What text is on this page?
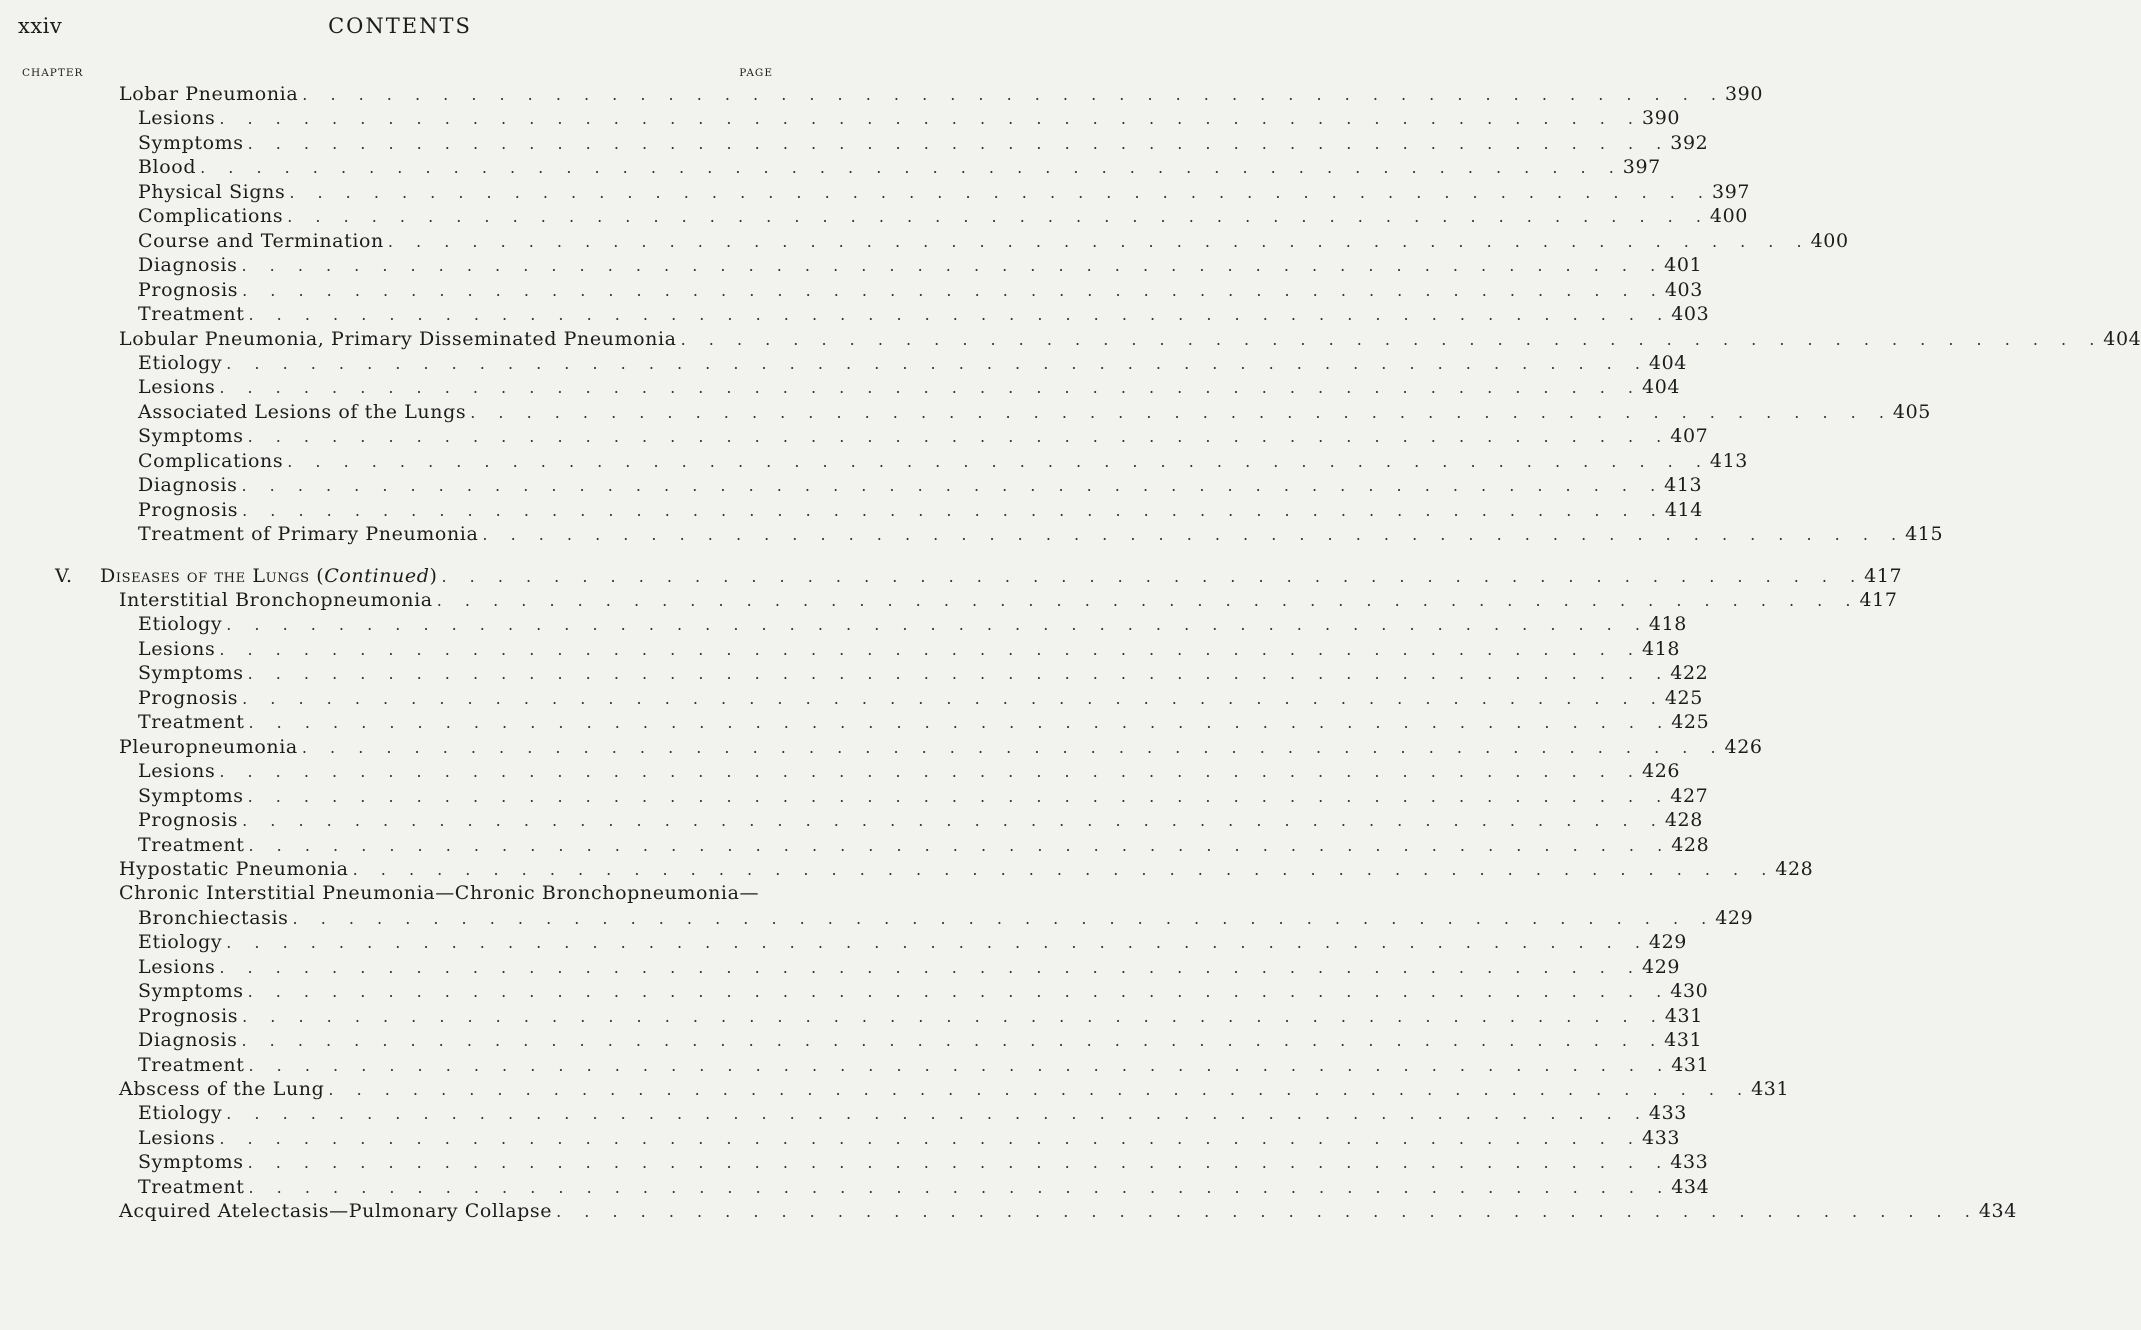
xxiv	CONTENTS
CHAPTER	PAGE
Lobar Pneumonia . . . . . . . . . . . . . . . . . . . . . . . . . . . . . . . . . . . . . . . . . . . . . . . . . . . 390
Lesions . . . . . . . . . . . . . . . . . . . . . . . . . . . . . . . . . . . . . . . . . . . . . . . . . . . 390
Symptoms . . . . . . . . . . . . . . . . . . . . . . . . . . . . . . . . . . . . . . . . . . . . . . . . . . . 392
Blood . . . . . . . . . . . . . . . . . . . . . . . . . . . . . . . . . . . . . . . . . . . . . . . . . . . 397
Physical Signs . . . . . . . . . . . . . . . . . . . . . . . . . . . . . . . . . . . . . . . . . . . . . . . . . . . 397
Complications . . . . . . . . . . . . . . . . . . . . . . . . . . . . . . . . . . . . . . . . . . . . . . . . . . . 400
Course and Termination . . . . . . . . . . . . . . . . . . . . . . . . . . . . . . . . . . . . . . . . . . . . . . . . . . . 400
Diagnosis . . . . . . . . . . . . . . . . . . . . . . . . . . . . . . . . . . . . . . . . . . . . . . . . . . . 401
Prognosis . . . . . . . . . . . . . . . . . . . . . . . . . . . . . . . . . . . . . . . . . . . . . . . . . . . 403
Treatment . . . . . . . . . . . . . . . . . . . . . . . . . . . . . . . . . . . . . . . . . . . . . . . . . . . 403
Lobular Pneumonia, Primary Disseminated Pneumonia . . . . . . . . . . . . . . . . . . . . . . . . . . . . . . . . . . . . . . . . . . . . . . . . . . . 404
Etiology . . . . . . . . . . . . . . . . . . . . . . . . . . . . . . . . . . . . . . . . . . . . . . . . . . . 404
Lesions . . . . . . . . . . . . . . . . . . . . . . . . . . . . . . . . . . . . . . . . . . . . . . . . . . . 404
Associated Lesions of the Lungs . . . . . . . . . . . . . . . . . . . . . . . . . . . . . . . . . . . . . . . . . . . . . . . . . . . 405
Symptoms . . . . . . . . . . . . . . . . . . . . . . . . . . . . . . . . . . . . . . . . . . . . . . . . . . . 407
Complications . . . . . . . . . . . . . . . . . . . . . . . . . . . . . . . . . . . . . . . . . . . . . . . . . . . 413
Diagnosis . . . . . . . . . . . . . . . . . . . . . . . . . . . . . . . . . . . . . . . . . . . . . . . . . . . 413
Prognosis . . . . . . . . . . . . . . . . . . . . . . . . . . . . . . . . . . . . . . . . . . . . . . . . . . . 414
Treatment of Primary Pneumonia . . . . . . . . . . . . . . . . . . . . . . . . . . . . . . . . . . . . . . . . . . . . . . . . . . . 415
V. Diseases of the Lungs (Continued) . . . . . . . . . . . . . . . . . . . . . . . . . . . . . . . . . . . . . . . . . . . . . . . . . . . 417
Interstitial Bronchopneumonia . . . . . . . . . . . . . . . . . . . . . . . . . . . . . . . . . . . . . . . . . . . . . . . . . . . 417
Etiology . . . . . . . . . . . . . . . . . . . . . . . . . . . . . . . . . . . . . . . . . . . . . . . . . . . 418
Lesions . . . . . . . . . . . . . . . . . . . . . . . . . . . . . . . . . . . . . . . . . . . . . . . . . . . 418
Symptoms . . . . . . . . . . . . . . . . . . . . . . . . . . . . . . . . . . . . . . . . . . . . . . . . . . . 422
Prognosis . . . . . . . . . . . . . . . . . . . . . . . . . . . . . . . . . . . . . . . . . . . . . . . . . . . 425
Treatment . . . . . . . . . . . . . . . . . . . . . . . . . . . . . . . . . . . . . . . . . . . . . . . . . . . 425
Pleuropneumonia . . . . . . . . . . . . . . . . . . . . . . . . . . . . . . . . . . . . . . . . . . . . . . . . . . . 426
Lesions . . . . . . . . . . . . . . . . . . . . . . . . . . . . . . . . . . . . . . . . . . . . . . . . . . . 426
Symptoms . . . . . . . . . . . . . . . . . . . . . . . . . . . . . . . . . . . . . . . . . . . . . . . . . . . 427
Prognosis . . . . . . . . . . . . . . . . . . . . . . . . . . . . . . . . . . . . . . . . . . . . . . . . . . . 428
Treatment . . . . . . . . . . . . . . . . . . . . . . . . . . . . . . . . . . . . . . . . . . . . . . . . . . . 428
Hypostatic Pneumonia . . . . . . . . . . . . . . . . . . . . . . . . . . . . . . . . . . . . . . . . . . . . . . . . . . . 428
Chronic Interstitial Pneumonia—Chronic Bronchopneumonia—
Bronchiectasis . . . . . . . . . . . . . . . . . . . . . . . . . . . . . . . . . . . . . . . . . . . . . . . . . . . 429
Etiology . . . . . . . . . . . . . . . . . . . . . . . . . . . . . . . . . . . . . . . . . . . . . . . . . . . 429
Lesions . . . . . . . . . . . . . . . . . . . . . . . . . . . . . . . . . . . . . . . . . . . . . . . . . . . 429
Symptoms . . . . . . . . . . . . . . . . . . . . . . . . . . . . . . . . . . . . . . . . . . . . . . . . . . . 430
Prognosis . . . . . . . . . . . . . . . . . . . . . . . . . . . . . . . . . . . . . . . . . . . . . . . . . . . 431
Diagnosis . . . . . . . . . . . . . . . . . . . . . . . . . . . . . . . . . . . . . . . . . . . . . . . . . . . 431
Treatment . . . . . . . . . . . . . . . . . . . . . . . . . . . . . . . . . . . . . . . . . . . . . . . . . . . 431
Abscess of the Lung . . . . . . . . . . . . . . . . . . . . . . . . . . . . . . . . . . . . . . . . . . . . . . . . . . . 431
Etiology . . . . . . . . . . . . . . . . . . . . . . . . . . . . . . . . . . . . . . . . . . . . . . . . . . . 433
Lesions . . . . . . . . . . . . . . . . . . . . . . . . . . . . . . . . . . . . . . . . . . . . . . . . . . . 433
Symptoms . . . . . . . . . . . . . . . . . . . . . . . . . . . . . . . . . . . . . . . . . . . . . . . . . . . 433
Treatment . . . . . . . . . . . . . . . . . . . . . . . . . . . . . . . . . . . . . . . . . . . . . . . . . . . 434
Acquired Atelectasis—Pulmonary Collapse . . . . . . . . . . . . . . . . . . . . . . . . . . . . . . . . . . . . . . . . . . . . . . . . . . . 434
